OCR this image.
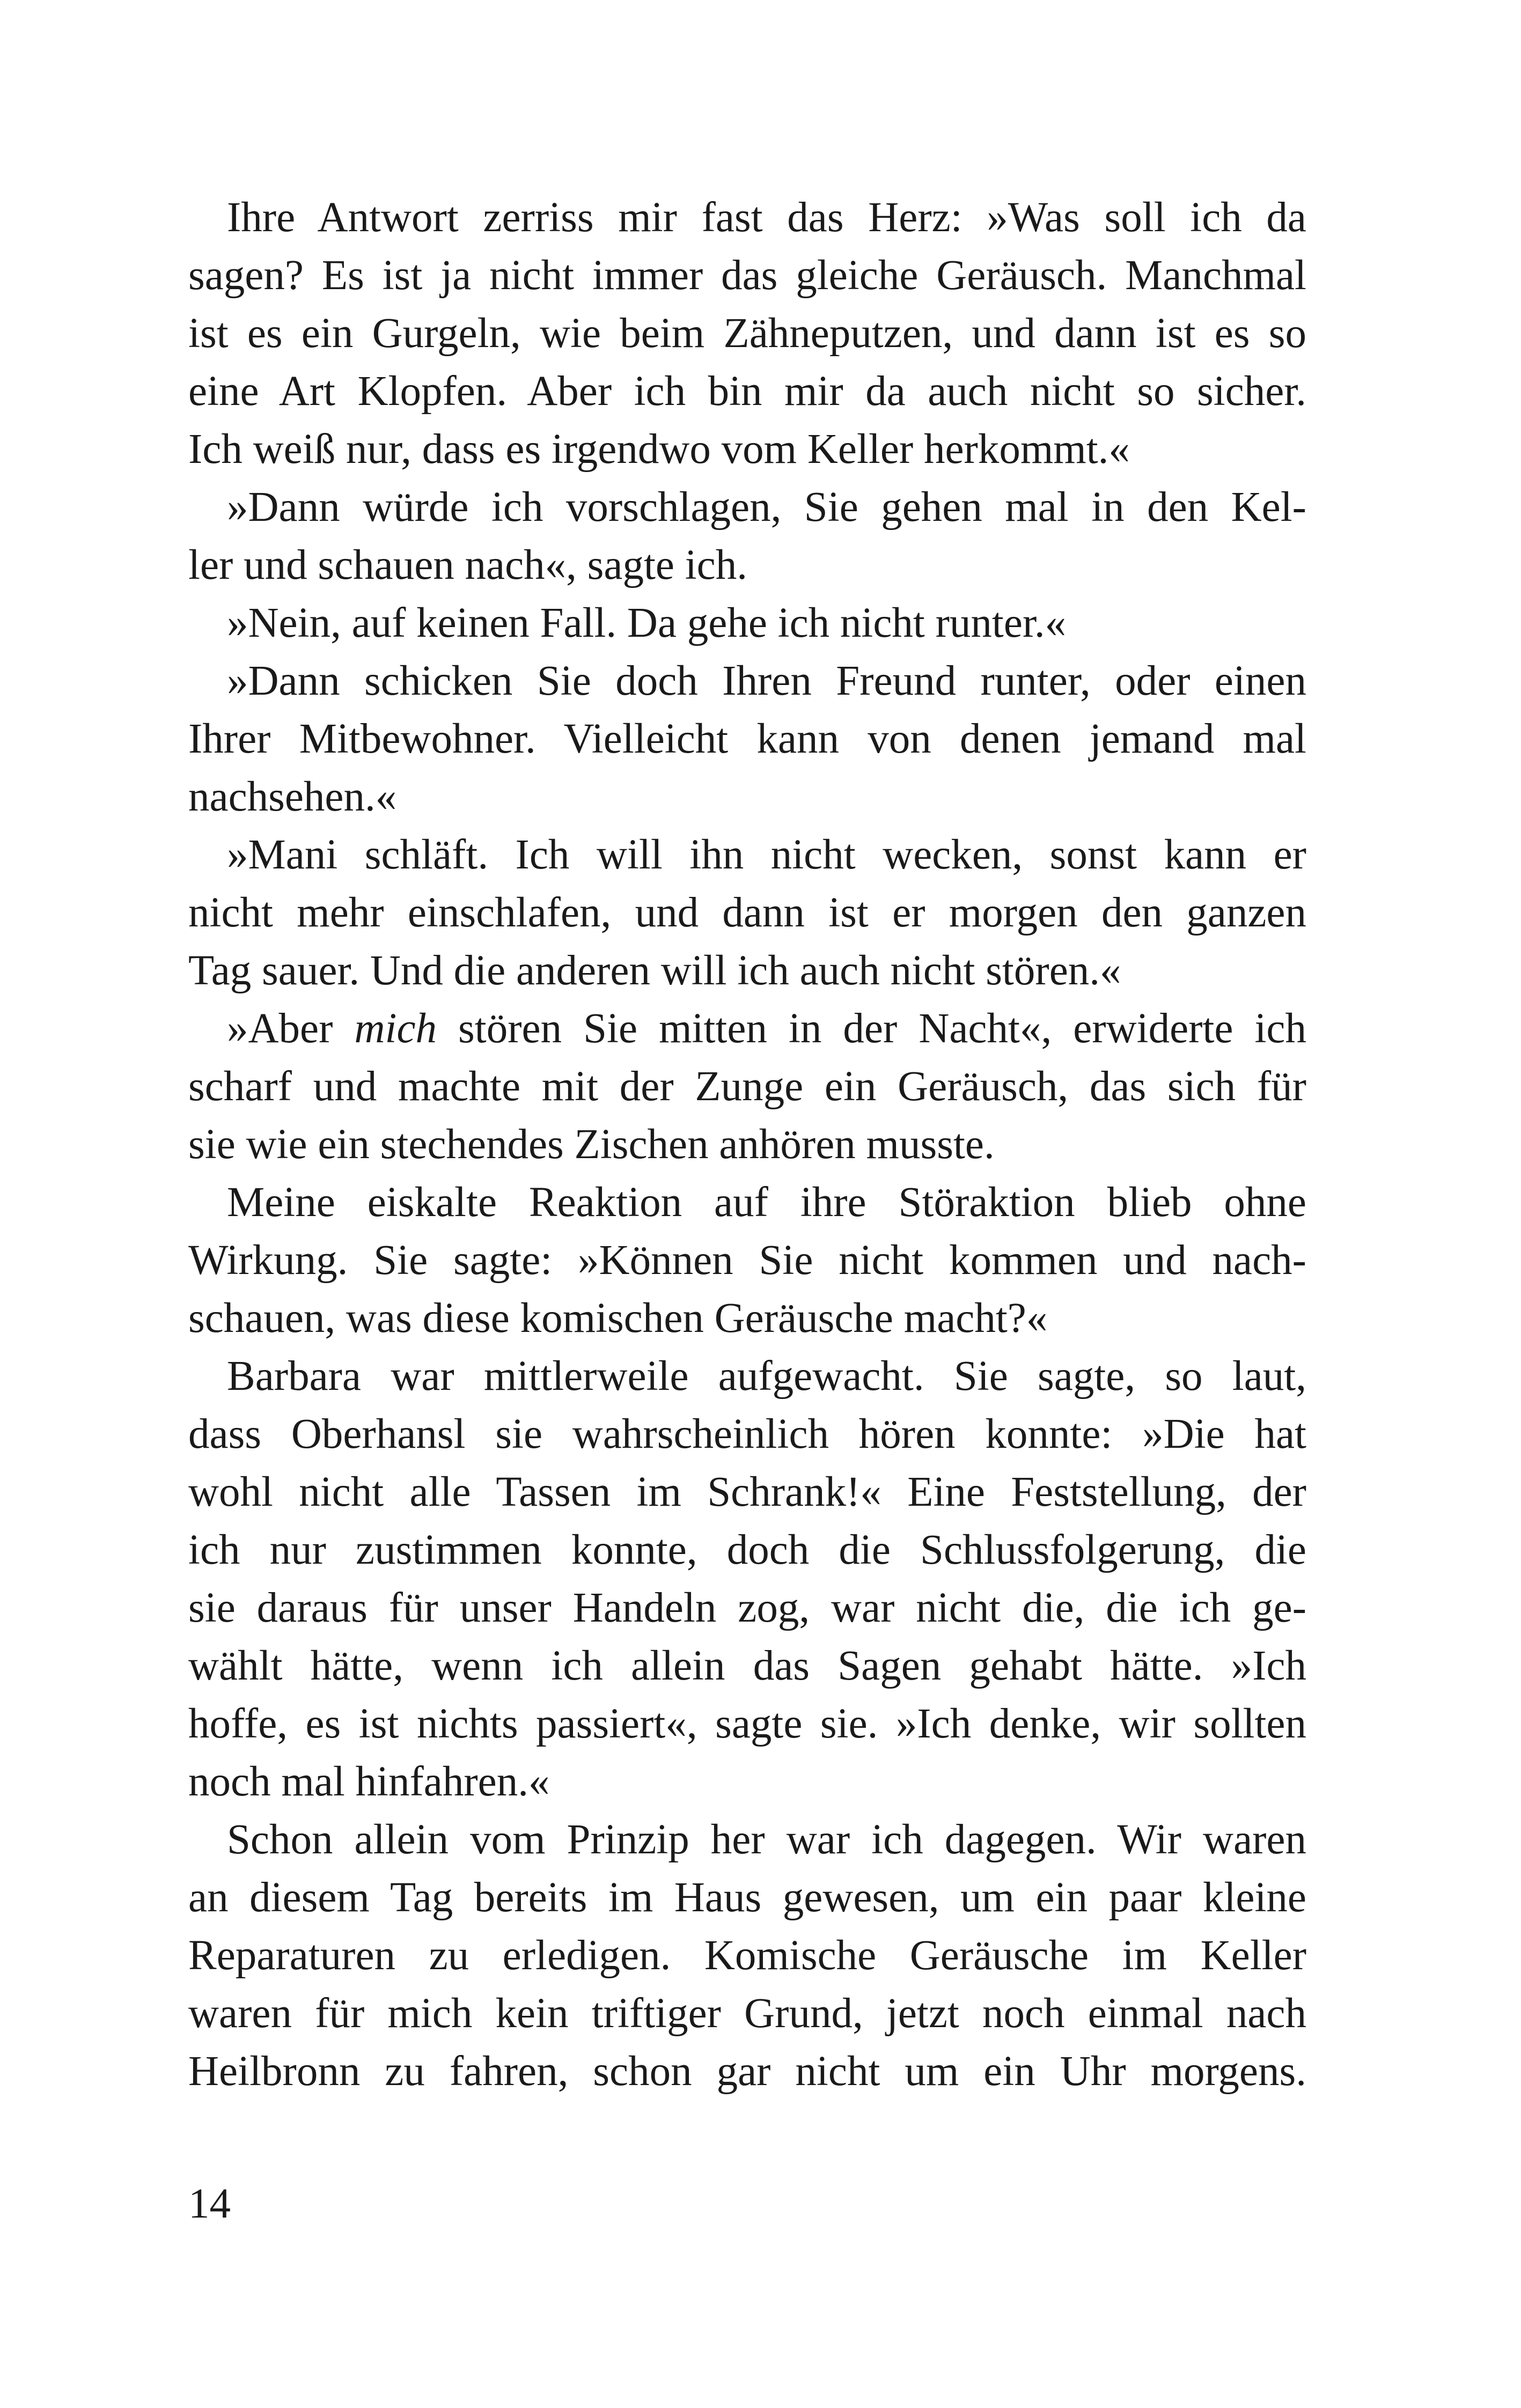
Ihre Antwort zerriss mir fast das Herz: »Was soll ich da
sagen? Es ist ja nicht immer das gleiche Geräusch. Manchmal
ist es ein Gurgeln, wie beim Zähneputzen, und dann ist es so
eine Art Klopfen. Aber ich bin mir da auch nicht so sicher.
Ich weiß nur, dass es irgendwo vom Keller herkommt.«
»Dann würde ich vorschlagen, Sie gehen mal in den Kel-
ler und schauen nach«, sagte ich.
»Nein, auf keinen Fall. Da gehe ich nicht runter.«
»Dann schicken Sie doch Ihren Freund runter, oder einen
Ihrer Mitbewohner. Vielleicht kann von denen jemand mal
nachsehen.«
»Mani schläft. Ich will ihn nicht wecken, sonst kann er
nicht mehr einschlafen, und dann ist er morgen den ganzen
Tag sauer. Und die anderen will ich auch nicht stören.«
»Aber mich stören Sie mitten in der Nacht«, erwiderte ich
scharf und machte mit der Zunge ein Geräusch, das sich für
sie wie ein stechendes Zischen anhören musste.
Meine eiskalte Reaktion auf ihre Störaktion blieb ohne
Wirkung. Sie sagte: »Können Sie nicht kommen und nach-
schauen, was diese komischen Geräusche macht?«
Barbara war mittlerweile aufgewacht. Sie sagte, so laut,
dass Oberhansl sie wahrscheinlich hören konnte: »Die hat
wohl nicht alle Tassen im Schrank!« Eine Feststellung, der
ich nur zustimmen konnte, doch die Schlussfolgerung, die
sie daraus für unser Handeln zog, war nicht die, die ich ge-
wählt hätte, wenn ich allein das Sagen gehabt hätte. »Ich
hoffe, es ist nichts passiert«, sagte sie. »Ich denke, wir sollten
noch mal hinfahren.«
Schon allein vom Prinzip her war ich dagegen. Wir waren
an diesem Tag bereits im Haus gewesen, um ein paar kleine
Reparaturen zu erledigen. Komische Geräusche im Keller
waren für mich kein triftiger Grund, jetzt noch einmal nach
Heilbronn zu fahren, schon gar nicht um ein Uhr morgens.
14
